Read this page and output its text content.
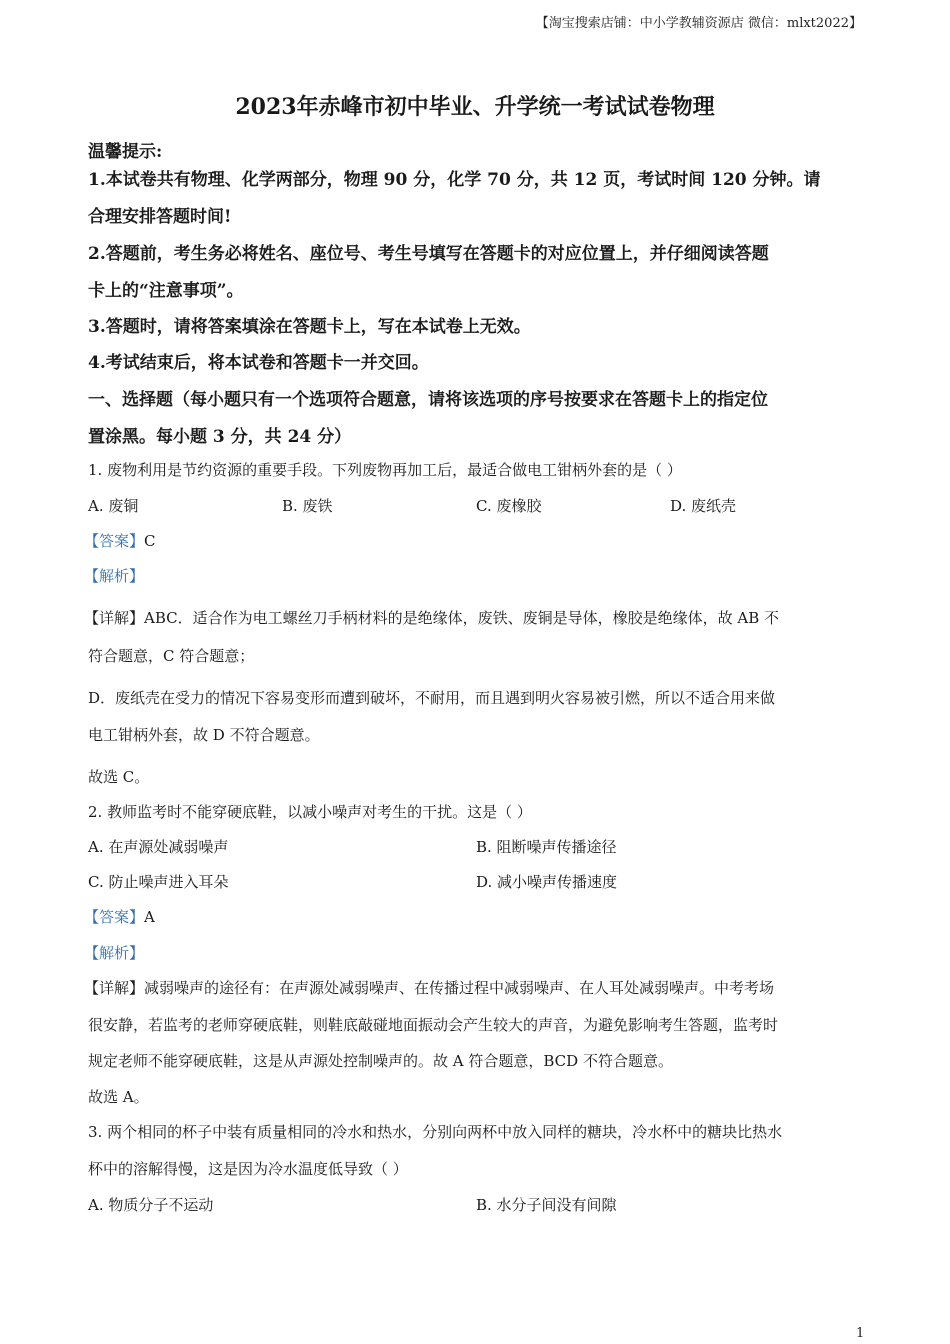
【淘宝搜索店铺：中小学教辅资源店 微信：mlxt2022】
2023年赤峰市初中毕业、升学统一考试试卷物理
温馨提示:
1.本试卷共有物理、化学两部分，物理 90 分，化学 70 分，共 12 页，考试时间 120 分钟。请
合理安排答题时间!
2.答题前，考生务必将姓名、座位号、考生号填写在答题卡的对应位置上，并仔细阅读答题
卡上的“注意事项”。
3.答题时，请将答案填涂在答题卡上，写在本试卷上无效。
4.考试结束后，将本试卷和答题卡一并交回。
一、选择题（每小题只有一个选项符合题意，请将该选项的序号按要求在答题卡上的指定位
置涂黑。每小题 3 分，共 24 分）
1. 废物利用是节约资源的重要手段。下列废物再加工后，最适合做电工钳柄外套的是（ ）
A. 废铜	B. 废铁	C. 废橡胶	D. 废纸壳
【答案】C
【解析】
【详解】ABC．适合作为电工螺丝刀手柄材料的是绝缘体，废铁、废铜是导体，橡胶是绝缘体，故 AB 不
符合题意，C 符合题意；
D．废纸壳在受力的情况下容易变形而遭到破坏，不耐用，而且遇到明火容易被引燃，所以不适合用来做
电工钳柄外套，故 D 不符合题意。
故选 C。
2. 教师监考时不能穿硬底鞋，以减小噪声对考生的干扰。这是（ ）
A. 在声源处减弱噪声	B. 阻断噪声传播途径
C. 防止噪声进入耳朵	D. 减小噪声传播速度
【答案】A
【解析】
【详解】减弱噪声的途径有：在声源处减弱噪声、在传播过程中减弱噪声、在人耳处减弱噪声。中考考场
很安静，若监考的老师穿硬底鞋，则鞋底敲碰地面振动会产生较大的声音，为避免影响考生答题，监考时
规定老师不能穿硬底鞋，这是从声源处控制噪声的。故 A 符合题意，BCD 不符合题意。
故选 A。
3. 两个相同的杯子中装有质量相同的冷水和热水，分别向两杯中放入同样的糖块，冷水杯中的糖块比热水
杯中的溶解得慢，这是因为冷水温度低导致（ ）
A. 物质分子不运动	B. 水分子间没有间隙
1
